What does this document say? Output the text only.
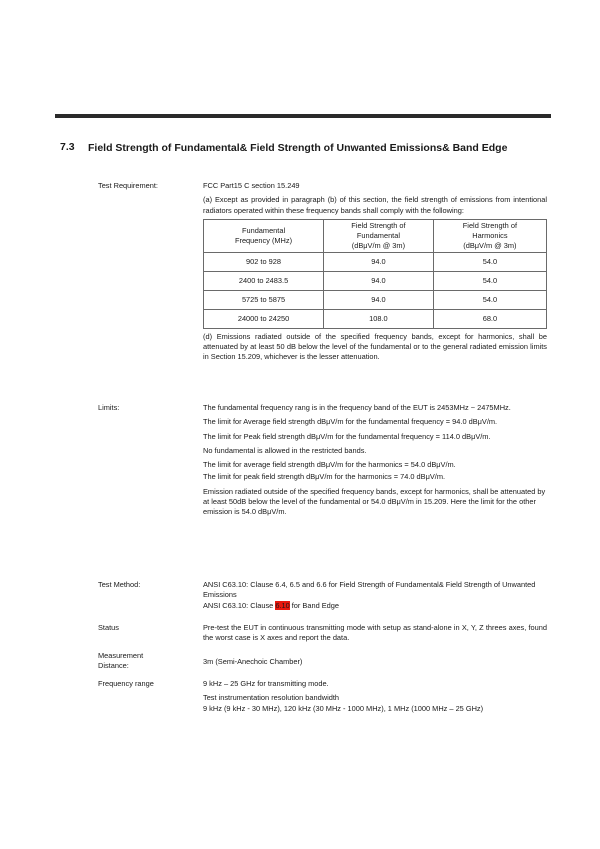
7.3 Field Strength of Fundamental& Field Strength of Unwanted Emissions& Band Edge
Test Requirement:	FCC Part15 C section 15.249
(a) Except as provided in paragraph (b) of this section, the field strength of emissions from intentional radiators operated within these frequency bands shall comply with the following:
Fundamental
Frequency (MHz)	Field Strength of
Fundamental
(dBμV/m @ 3m)	Field Strength of
Harmonics
(dBμV/m @ 3m)
902 to 928	94.0	54.0
2400 to 2483.5	94.0	54.0
5725 to 5875	94.0	54.0
24000 to 24250	108.0	68.0
(d) Emissions radiated outside of the specified frequency bands, except for harmonics, shall be attenuated by at least 50 dB below the level of the fundamental or to the general radiated emission limits in Section 15.209, whichever is the lesser attenuation.
Limits:	The fundamental frequency rang is in the frequency band of the EUT is 2453MHz ~ 2475MHz.
The limit for Average field strength dBμV/m for the fundamental frequency = 94.0 dBμV/m.
The limit for Peak field strength dBμV/m for the fundamental frequency = 114.0 dBμV/m.
No fundamental is allowed in the restricted bands.
The limit for average field strength dBμV/m for the harmonics = 54.0 dBμV/m.
The limit for peak field strength dBμV/m for the harmonics = 74.0 dBμV/m.
Emission radiated outside of the specified frequency bands, except for harmonics, shall be attenuated by at least 50dB below the level of the fundamental or 54.0 dBμV/m in 15.209. Here the limit for the other emission is 54.0 dBμV/m.
Test Method:	ANSI C63.10: Clause 6.4, 6.5 and 6.6 for Field Strength of Fundamental& Field Strength of Unwanted Emissions
ANSI C63.10: Clause 6.10 for Band Edge
Status	Pre-test the EUT in continuous transmitting mode with setup as stand-alone in X, Y, Z threes axes, found the worst case is X axes and report the data.
Measurement
Distance:	3m (Semi-Anechoic Chamber)
Frequency range	9 kHz – 25 GHz for transmitting mode.
Test instrumentation resolution bandwidth
9 kHz (9 kHz - 30 MHz), 120 kHz (30 MHz - 1000 MHz), 1 MHz (1000 MHz – 25 GHz)
